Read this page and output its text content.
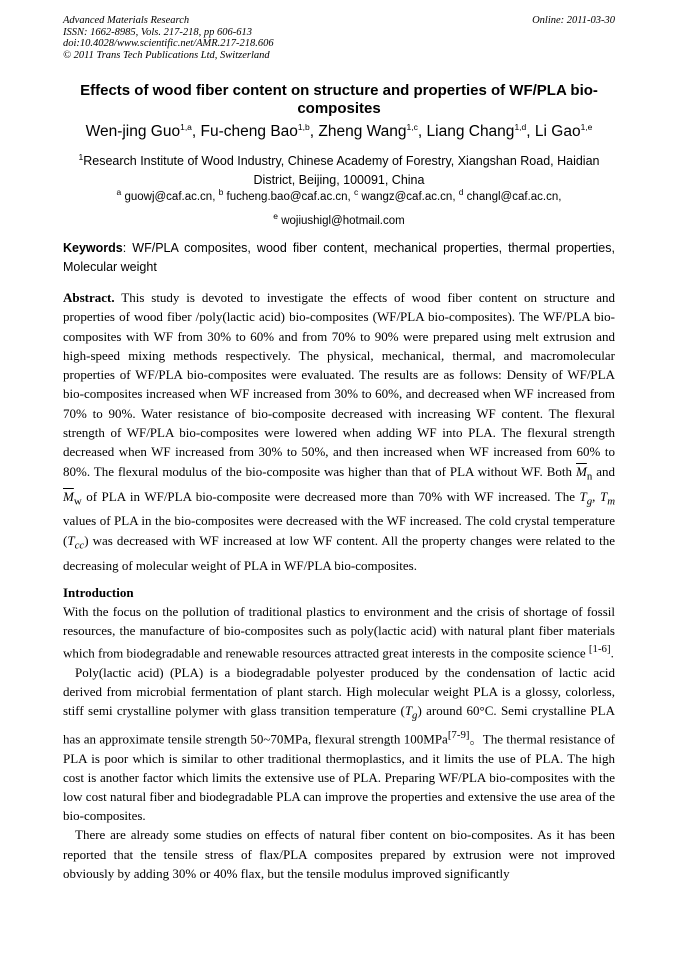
Advanced Materials Research
ISSN: 1662-8985, Vols. 217-218, pp 606-613
doi:10.4028/www.scientific.net/AMR.217-218.606
© 2011 Trans Tech Publications Ltd, Switzerland
Online: 2011-03-30
Effects of wood fiber content on structure and properties of WF/PLA bio-composites
Wen-jing Guo$^{1,a}$, Fu-cheng Bao$^{1,b}$, Zheng Wang$^{1,c}$, Liang Chang$^{1,d}$, Li Gao$^{1,e}$
$^1$Research Institute of Wood Industry, Chinese Academy of Forestry, Xiangshan Road, Haidian District, Beijing, 100091, China
$^a$ guowj@caf.ac.cn, $^b$ fucheng.bao@caf.ac.cn, $^c$ wangz@caf.ac.cn, $^d$ changl@caf.ac.cn,
$^e$ wojiushigl@hotmail.com
Keywords: WF/PLA composites, wood fiber content, mechanical properties, thermal properties, Molecular weight
Abstract. This study is devoted to investigate the effects of wood fiber content on structure and properties of wood fiber /poly(lactic acid) bio-composites (WF/PLA bio-composites). The WF/PLA bio-composites with WF from 30% to 60% and from 70% to 90% were prepared using melt extrusion and high-speed mixing methods respectively. The physical, mechanical, thermal, and macromolecular properties of WF/PLA bio-composites were evaluated. The results are as follows: Density of WF/PLA bio-composites increased when WF increased from 30% to 60%, and decreased when WF increased from 70% to 90%. Water resistance of bio-composite decreased with increasing WF content. The flexural strength of WF/PLA bio-composites were lowered when adding WF into PLA. The flexural strength decreased when WF increased from 30% to 50%, and then increased when WF increased from 60% to 80%. The flexural modulus of the bio-composite was higher than that of PLA without WF. Both $\overline{M}_n$ and $\overline{M}_w$ of PLA in WF/PLA bio-composite were decreased more than 70% with WF increased. The $T_g$, $T_m$ values of PLA in the bio-composites were decreased with the WF increased. The cold crystal temperature $(T_{cc})$ was decreased with WF increased at low WF content. All the property changes were related to the decreasing of molecular weight of PLA in WF/PLA bio-composites.
Introduction

With the focus on the pollution of traditional plastics to environment and the crisis of shortage of fossil resources, the manufacture of bio-composites such as poly(lactic acid) with natural plant fiber materials which from biodegradable and renewable resources attracted great interests in the composite science [1-6].

Poly(lactic acid) (PLA) is a biodegradable polyester produced by the condensation of lactic acid derived from microbial fermentation of plant starch. High molecular weight PLA is a glossy, colorless, stiff semi crystalline polymer with glass transition temperature $(T_g)$ around 60°C. Semi crystalline PLA has an approximate tensile strength 50~70MPa, flexural strength 100MPa[7-9]。The thermal resistance of PLA is poor which is similar to other traditional thermoplastics, and it limits the use of PLA. The high cost is another factor which limits the extensive use of PLA. Preparing WF/PLA bio-composites with the low cost natural fiber and biodegradable PLA can improve the properties and extensive the use area of the bio-composites.

There are already some studies on effects of natural fiber content on bio-composites. As it has been reported that the tensile stress of flax/PLA composites prepared by extrusion were not improved obviously by adding 30% or 40% flax, but the tensile modulus improved significantly
